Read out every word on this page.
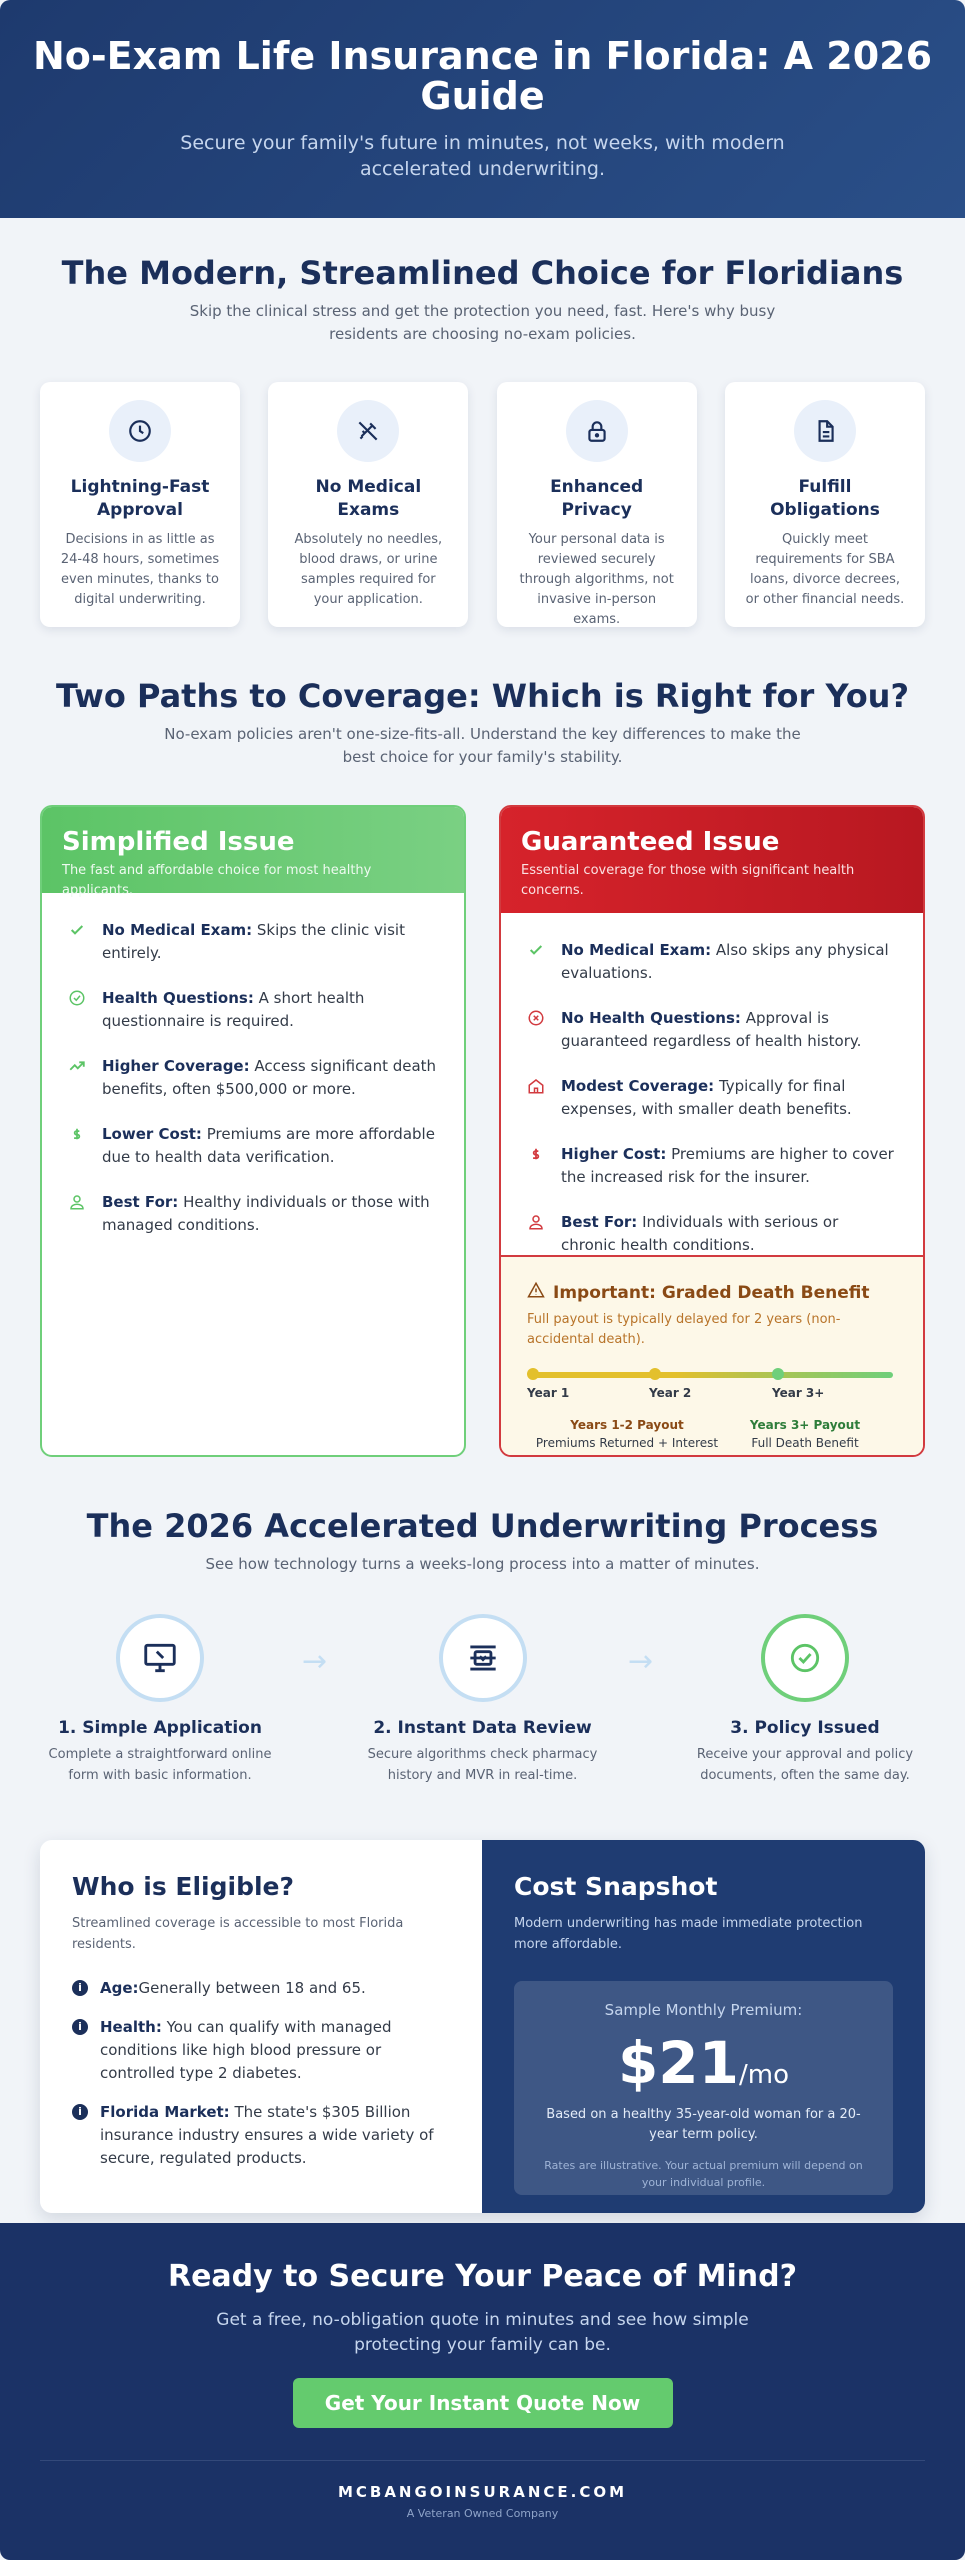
No-Exam Life Insurance in Florida: A 2026 Guide

Secure your family's future in minutes, not weeks, with modern accelerated underwriting.

The Modern, Streamlined Choice for Floridians

Skip the clinical stress and get the protection you need, fast. Here's why busy residents are choosing no-exam policies.

Lightning-Fast Approval

Decisions in as little as 24-48 hours, sometimes even minutes, thanks to digital underwriting.

No Medical Exams

Absolutely no needles, blood draws, or urine samples required for your application.

Enhanced Privacy

Your personal data is reviewed securely through algorithms, not invasive in-person exams.

Fulfill Obligations

Quickly meet requirements for SBA loans, divorce decrees, or other financial needs.

Two Paths to Coverage: Which is Right for You?

No-exam policies aren't one-size-fits-all. Understand the key differences to make the best choice for your family's stability.

Simplified Issue

The fast and affordable choice for most healthy applicants.

No Medical Exam: Skips the clinic visit entirely.
Health Questions: A short health questionnaire is required.
Higher Coverage: Access significant death benefits, often $500,000 or more.
Lower Cost: Premiums are more affordable due to health data verification.
Best For: Healthy individuals or those with managed conditions.
Guaranteed Issue

Essential coverage for those with significant health concerns.

No Medical Exam: Also skips any physical evaluations.
No Health Questions: Approval is guaranteed regardless of health history.
Modest Coverage: Typically for final expenses, with smaller death benefits.
Higher Cost: Premiums are higher to cover the increased risk for the insurer.
Best For: Individuals with serious or chronic health conditions.
Important: Graded Death Benefit

Full payout is typically delayed for 2 years (non-accidental death).

Year 1	Year 2	Year 3+
Years 1-2 Payout
Premiums Returned + Interest
Years 3+ Payout
Full Death Benefit
The 2026 Accelerated Underwriting Process

See how technology turns a weeks-long process into a matter of minutes.

1. Simple Application

Complete a straightforward online form with basic information.

2. Instant Data Review

Secure algorithms check pharmacy history and MVR in real-time.

3. Policy Issued

Receive your approval and policy documents, often the same day.

→	→
Who is Eligible?

Streamlined coverage is accessible to most Florida residents.

i	Age:Generally between 18 and 65.
i	Health: You can qualify with managed conditions like high blood pressure or controlled type 2 diabetes.
i	Florida Market: The state's $305 Billion insurance industry ensures a wide variety of secure, regulated products.
Cost Snapshot

Modern underwriting has made immediate protection more affordable.

Sample Monthly Premium:
$21/mo
Based on a healthy 35-year-old woman for a 20-year term policy.
Rates are illustrative. Your actual premium will depend on your individual profile.
Ready to Secure Your Peace of Mind?

Get a free, no-obligation quote in minutes and see how simple protecting your family can be.

Get Your Instant Quote Now
MCBANGOINSURANCE.COM
A Veteran Owned Company
